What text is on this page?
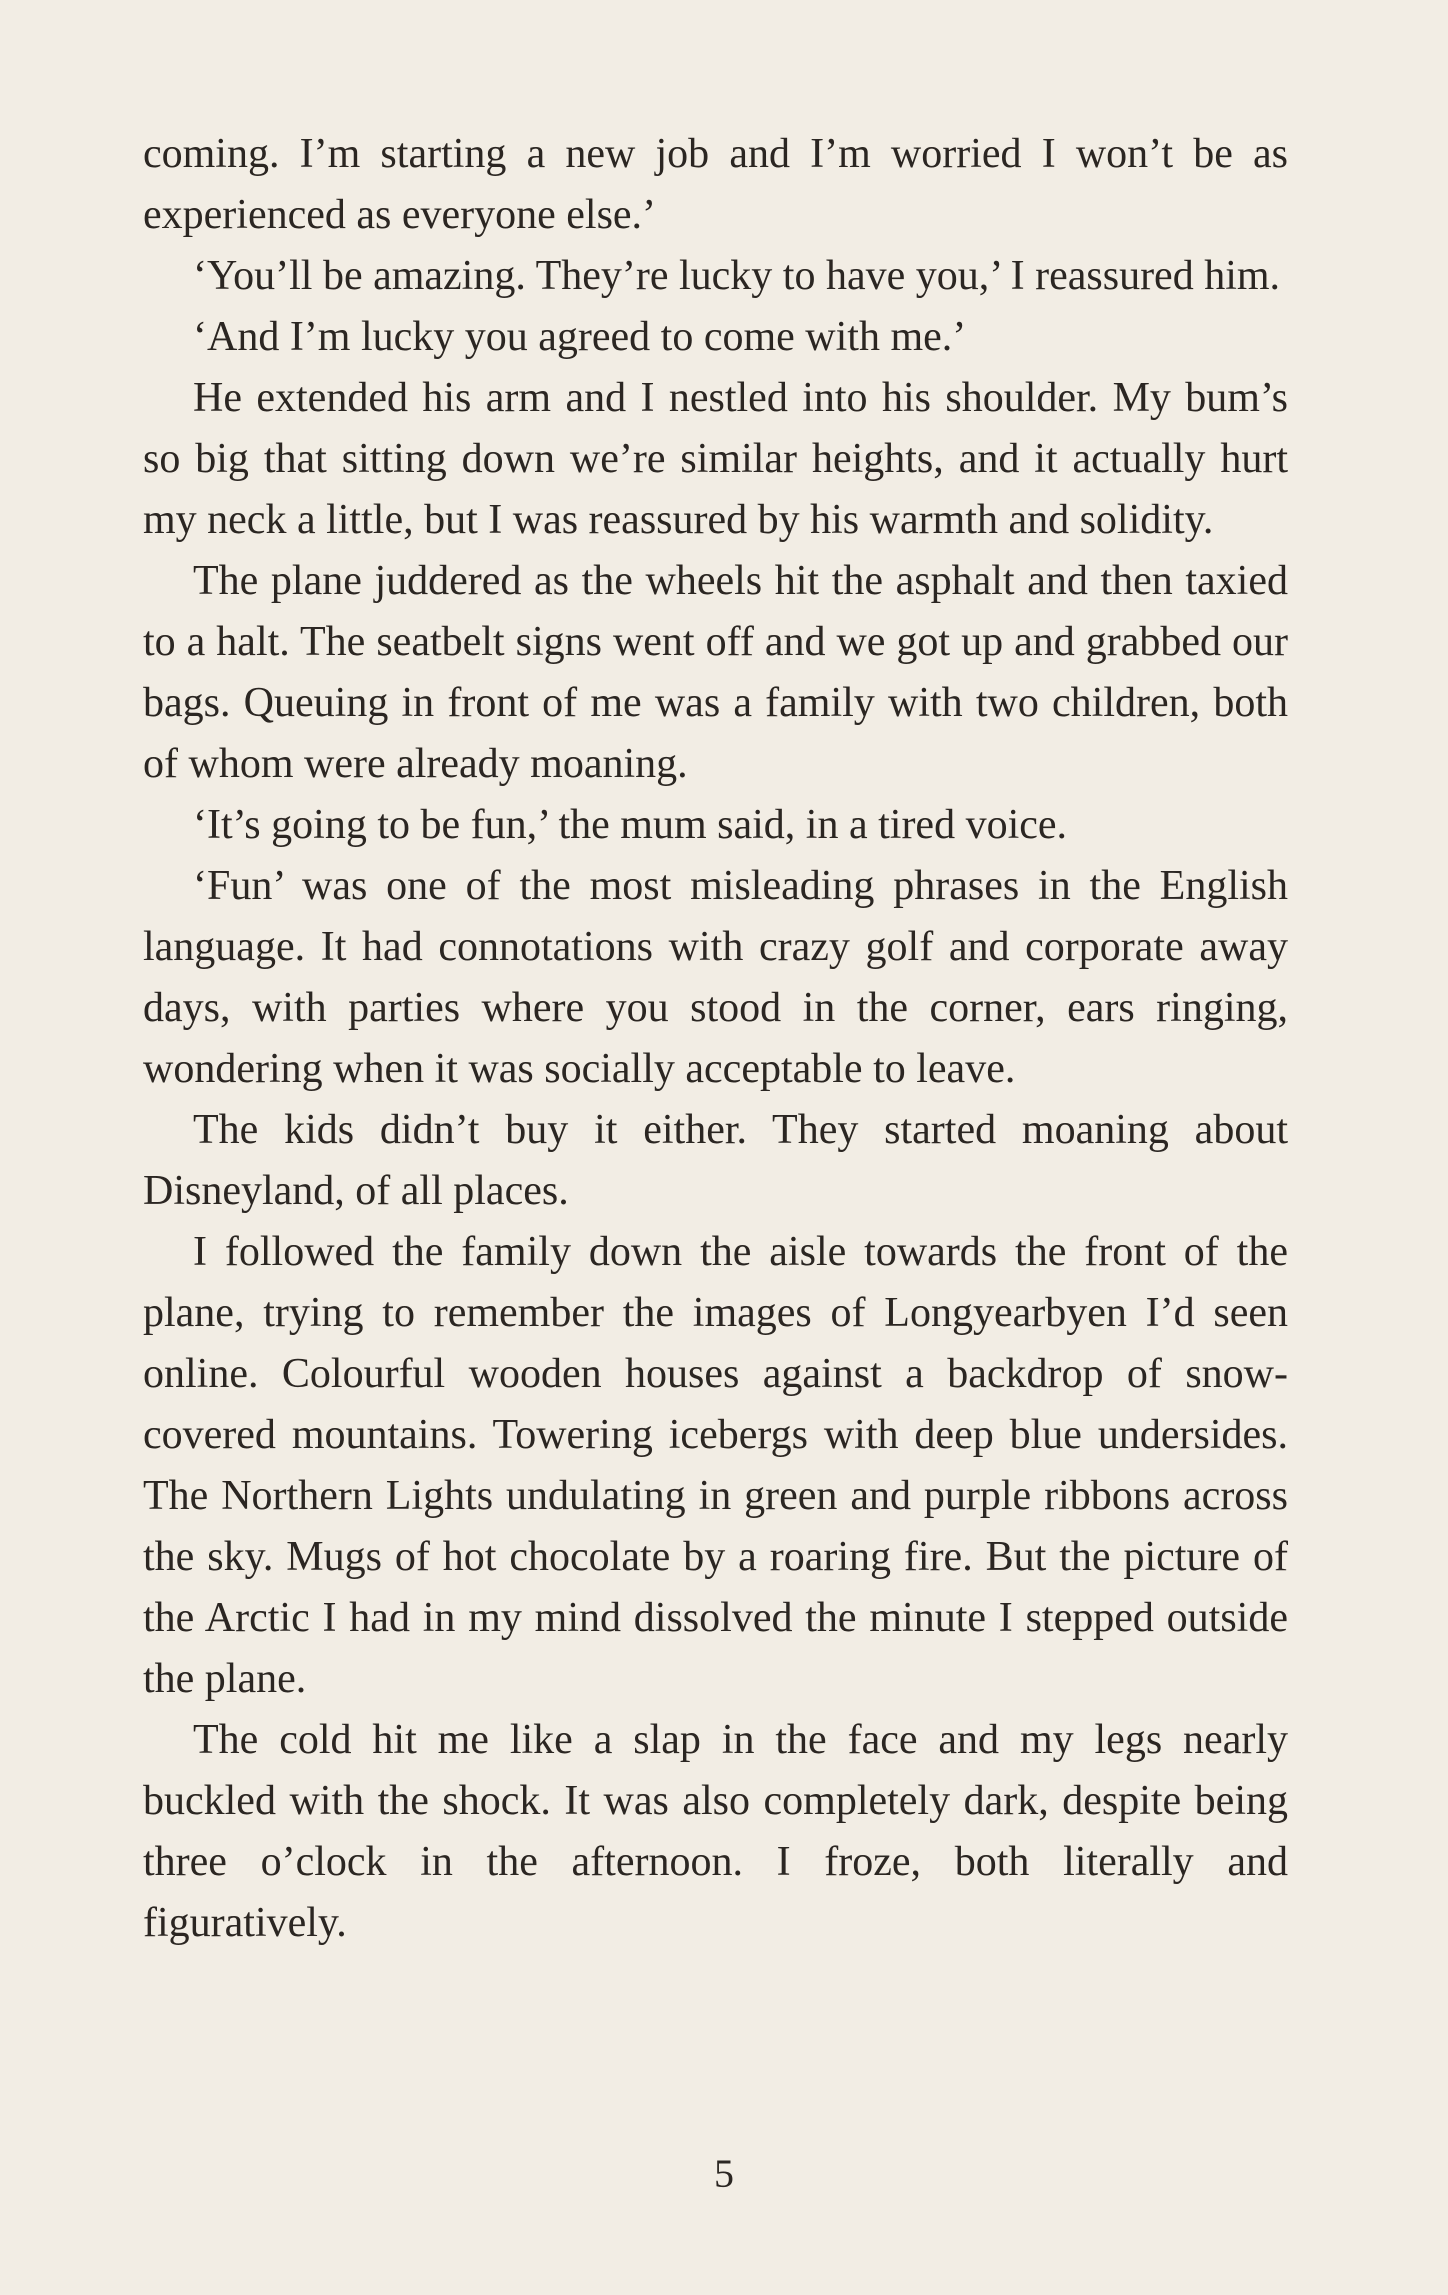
coming. I’m starting a new job and I’m worried I won’t be as experienced as everyone else.’

‘You’ll be amazing. They’re lucky to have you,’ I reassured him.

‘And I’m lucky you agreed to come with me.’

He extended his arm and I nestled into his shoulder. My bum’s so big that sitting down we’re similar heights, and it actually hurt my neck a little, but I was reassured by his warmth and solidity.

The plane juddered as the wheels hit the asphalt and then taxied to a halt. The seatbelt signs went off and we got up and grabbed our bags. Queuing in front of me was a family with two children, both of whom were already moaning.

‘It’s going to be fun,’ the mum said, in a tired voice.

‘Fun’ was one of the most misleading phrases in the English language. It had connotations with crazy golf and corporate away days, with parties where you stood in the corner, ears ringing, wondering when it was socially acceptable to leave.

The kids didn’t buy it either. They started moaning about Disneyland, of all places.

I followed the family down the aisle towards the front of the plane, trying to remember the images of Longyearbyen I’d seen online. Colourful wooden houses against a backdrop of snow-covered mountains. Towering icebergs with deep blue undersides. The Northern Lights undulating in green and purple ribbons across the sky. Mugs of hot chocolate by a roaring fire. But the picture of the Arctic I had in my mind dissolved the minute I stepped outside the plane.

The cold hit me like a slap in the face and my legs nearly buckled with the shock. It was also completely dark, despite being three o’clock in the afternoon. I froze, both literally and figuratively.

5
